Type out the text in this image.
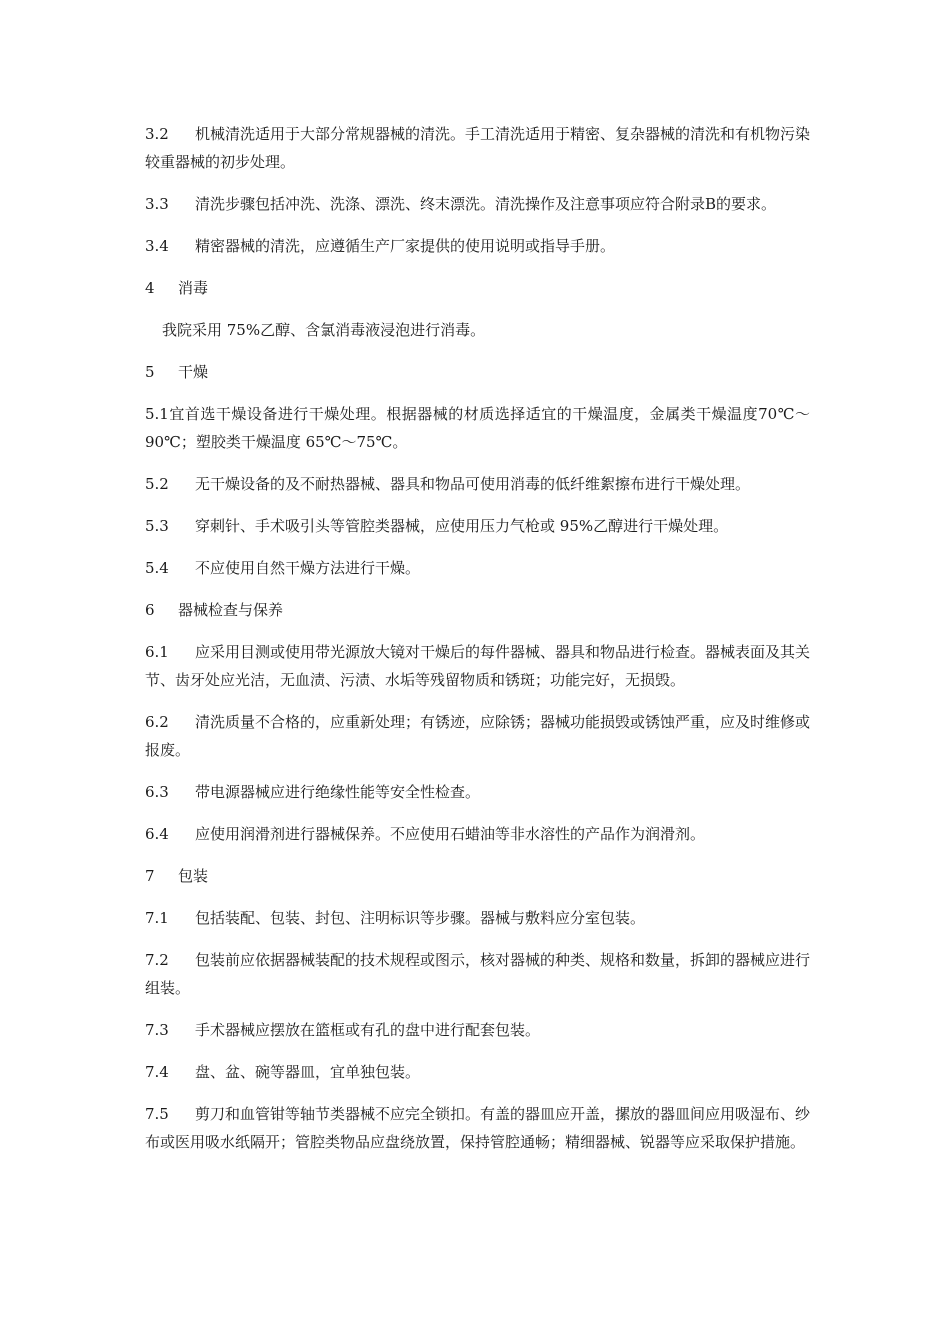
3.2 机械清洗适用于大部分常规器械的清洗。手工清洗适用于精密、复杂器械的清洗和有机物污染较重器械的初步处理。

3.3 清洗步骤包括冲洗、洗涤、漂洗、终末漂洗。清洗操作及注意事项应符合附录B的要求。

3.4 精密器械的清洗，应遵循生产厂家提供的使用说明或指导手册。

4 消毒

我院采用 75%乙醇、含氯消毒液浸泡进行消毒。

5 干燥

5.1宜首选干燥设备进行干燥处理。根据器械的材质选择适宜的干燥温度，金属类干燥温度70℃～90℃；塑胶类干燥温度 65℃～75℃。

5.2 无干燥设备的及不耐热器械、器具和物品可使用消毒的低纤维絮擦布进行干燥处理。

5.3 穿刺针、手术吸引头等管腔类器械，应使用压力气枪或 95%乙醇进行干燥处理。

5.4 不应使用自然干燥方法进行干燥。

6 器械检查与保养

6.1 应采用目测或使用带光源放大镜对干燥后的每件器械、器具和物品进行检查。器械表面及其关节、齿牙处应光洁，无血渍、污渍、水垢等残留物质和锈斑；功能完好，无损毁。

6.2 清洗质量不合格的，应重新处理；有锈迹，应除锈；器械功能损毁或锈蚀严重，应及时维修或报废。

6.3 带电源器械应进行绝缘性能等安全性检查。

6.4 应使用润滑剂进行器械保养。不应使用石蜡油等非水溶性的产品作为润滑剂。

7 包装

7.1 包括装配、包装、封包、注明标识等步骤。器械与敷料应分室包装。

7.2 包装前应依据器械装配的技术规程或图示，核对器械的种类、规格和数量，拆卸的器械应进行组装。

7.3 手术器械应摆放在篮框或有孔的盘中进行配套包装。

7.4 盘、盆、碗等器皿，宜单独包装。

7.5 剪刀和血管钳等轴节类器械不应完全锁扣。有盖的器皿应开盖，摞放的器皿间应用吸湿布、纱布或医用吸水纸隔开；管腔类物品应盘绕放置，保持管腔通畅；精细器械、锐器等应采取保护措施。
